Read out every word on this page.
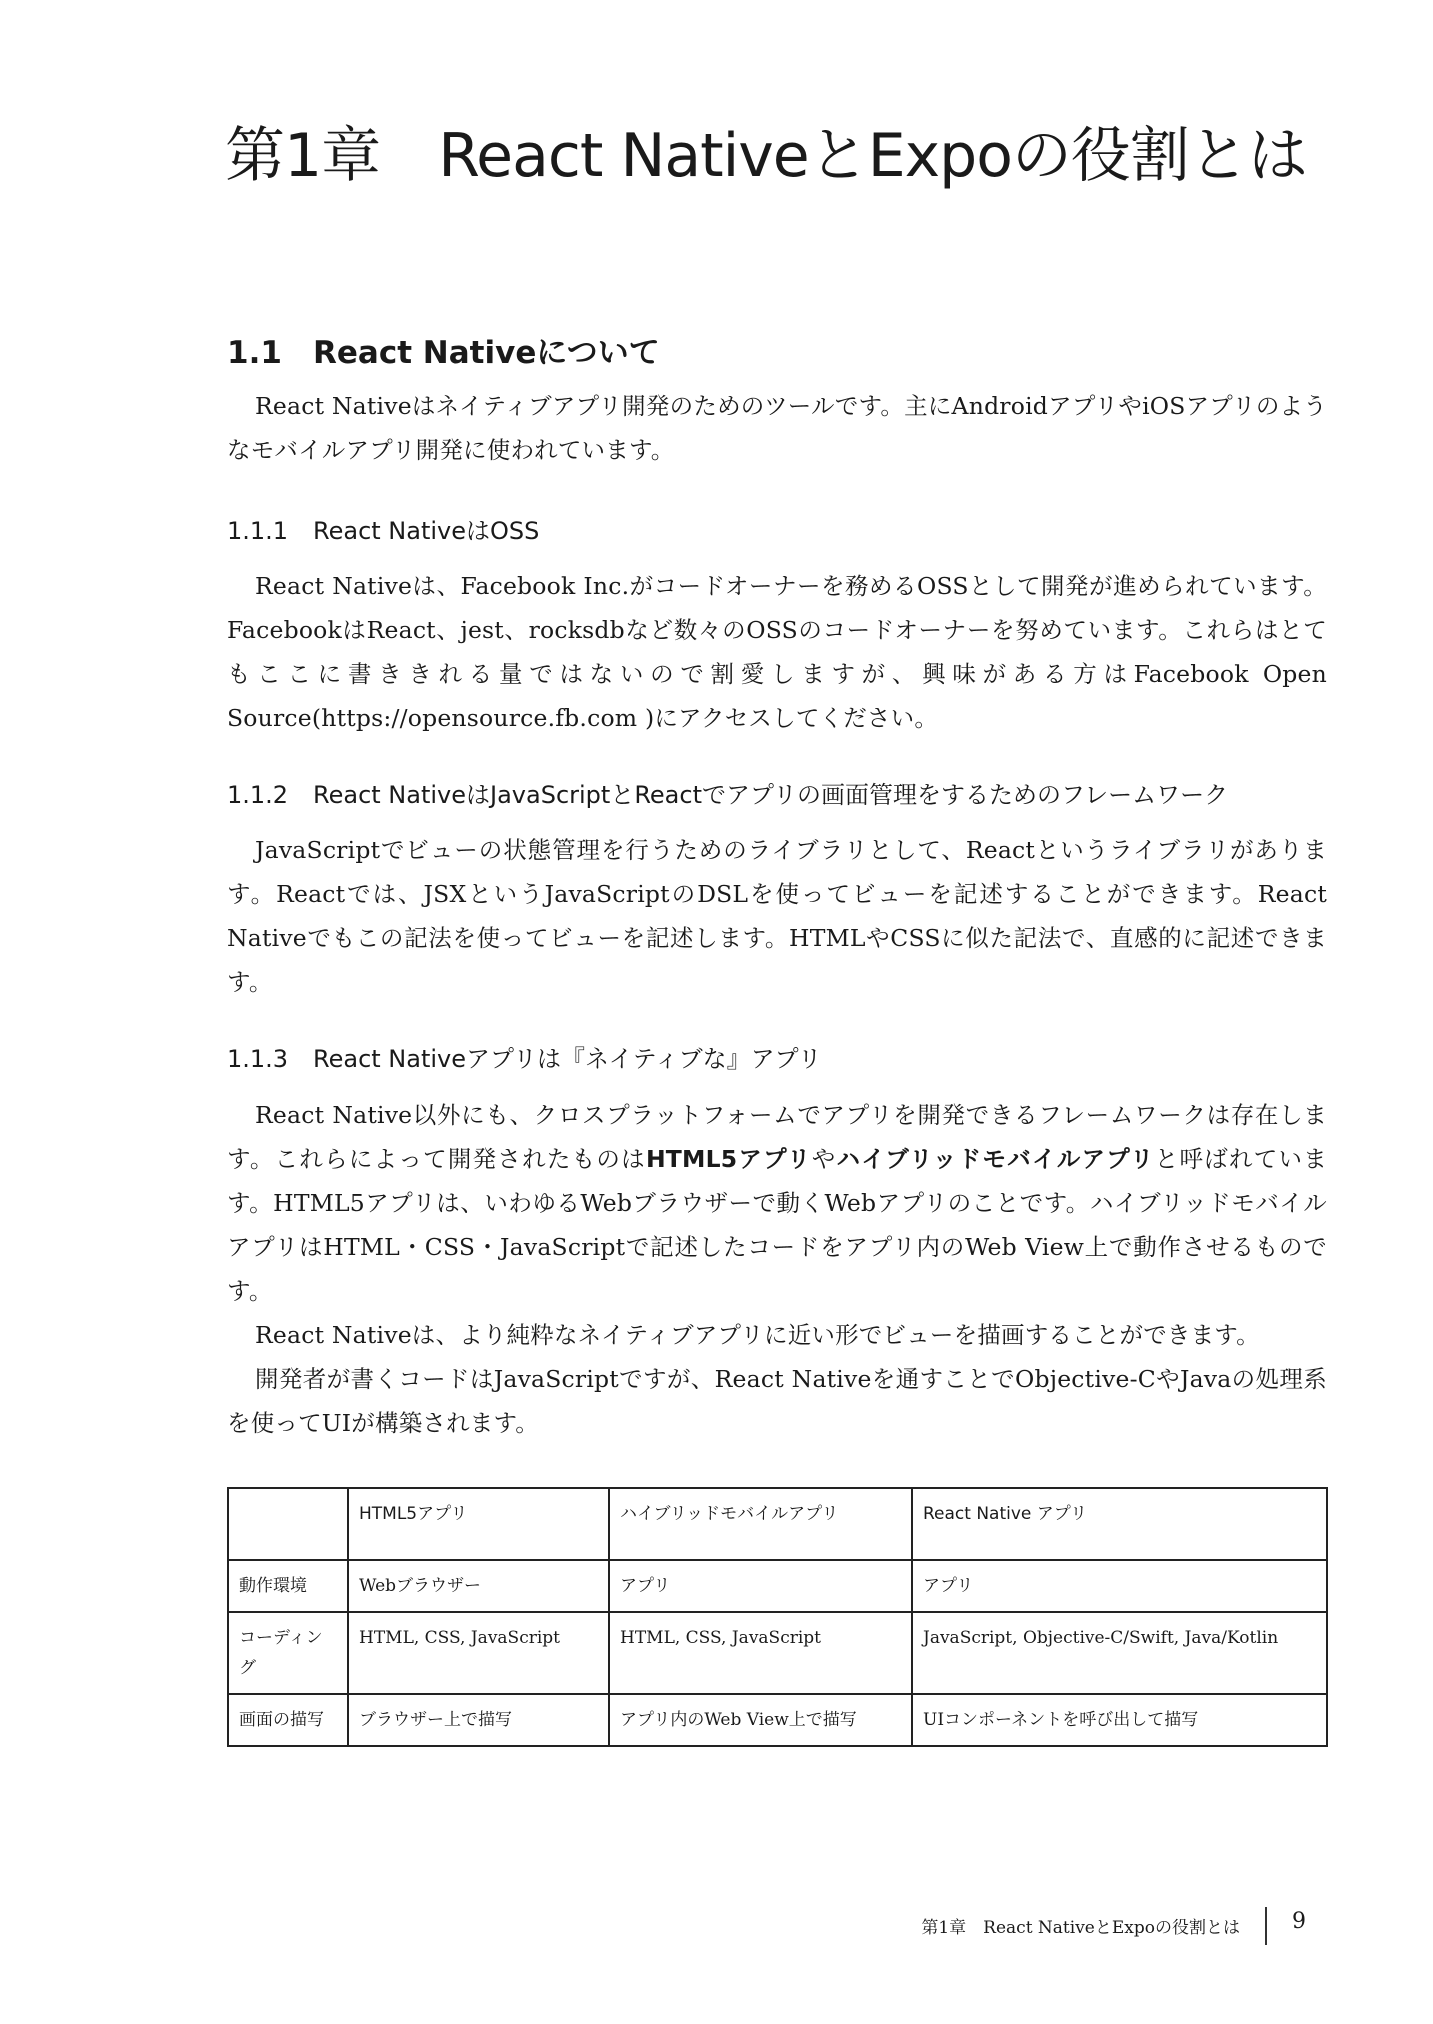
第1章 React NativeとExpoの役割とは
1.1 React Nativeについて

React Nativeはネイティブアプリ開発のためのツールです。主にAndroidアプリやiOSアプリのようなモバイルアプリ開発に使われています。

1.1.1 React NativeはOSS

React Nativeは、Facebook Inc.がコードオーナーを務めるOSSとして開発が進められています。FacebookはReact、jest、rocksdbなど数々のOSSのコードオーナーを努めています。これらはとてもここに書ききれる量ではないので割愛しますが、興味がある方はFacebook Open Source(https://opensource.fb.com )にアクセスしてください。

1.1.2 React NativeはJavaScriptとReactでアプリの画面管理をするためのフレームワーク

JavaScriptでビューの状態管理を行うためのライブラリとして、Reactというライブラリがあります。Reactでは、JSXというJavaScriptのDSLを使ってビューを記述することができます。React Nativeでもこの記法を使ってビューを記述します。HTMLやCSSに似た記法で、直感的に記述できます。

1.1.3 React Nativeアプリは『ネイティブな』アプリ

React Native以外にも、クロスプラットフォームでアプリを開発できるフレームワークは存在します。これらによって開発されたものはHTML5アプリやハイブリッドモバイルアプリと呼ばれています。HTML5アプリは、いわゆるWebブラウザーで動くWebアプリのことです。ハイブリッドモバイルアプリはHTML・CSS・JavaScriptで記述したコードをアプリ内のWeb View上で動作させるものです。

React Nativeは、より純粋なネイティブアプリに近い形でビューを描画することができます。

開発者が書くコードはJavaScriptですが、React Nativeを通すことでObjective-CやJavaの処理系を使ってUIが構築されます。

	HTML5アプリ	ハイブリッドモバイルアプリ	React Native アプリ
動作環境	Webブラウザー	アプリ	アプリ
コーディング	HTML, CSS, JavaScript	HTML, CSS, JavaScript	JavaScript, Objective-C/Swift, Java/Kotlin
画面の描写	ブラウザー上で描写	アプリ内のWeb View上で描写	UIコンポーネントを呼び出して描写
第1章　React NativeとExpoの役割とは 9
